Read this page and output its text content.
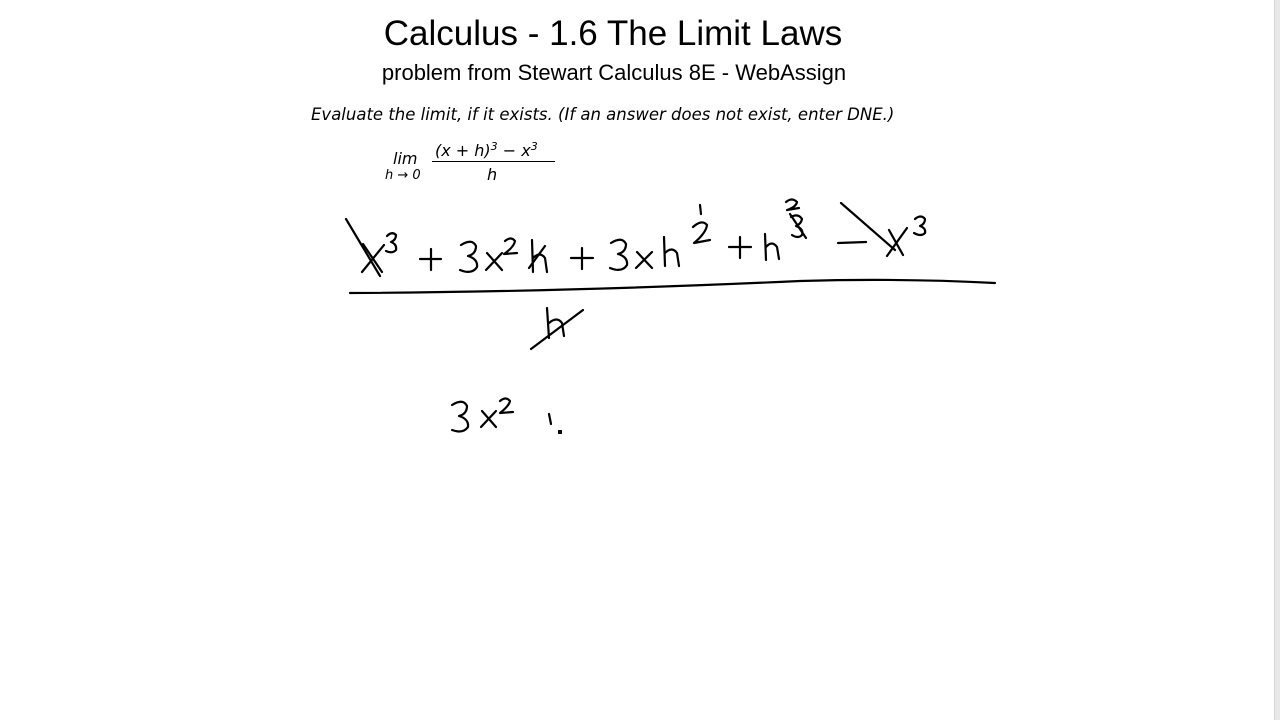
Calculus - 1.6 The Limit Laws
problem from Stewart Calculus 8E - WebAssign
Evaluate the limit, if it exists. (If an answer does not exist, enter DNE.)
lim
h → 0
$(x + h)^3 - x^3$
h
